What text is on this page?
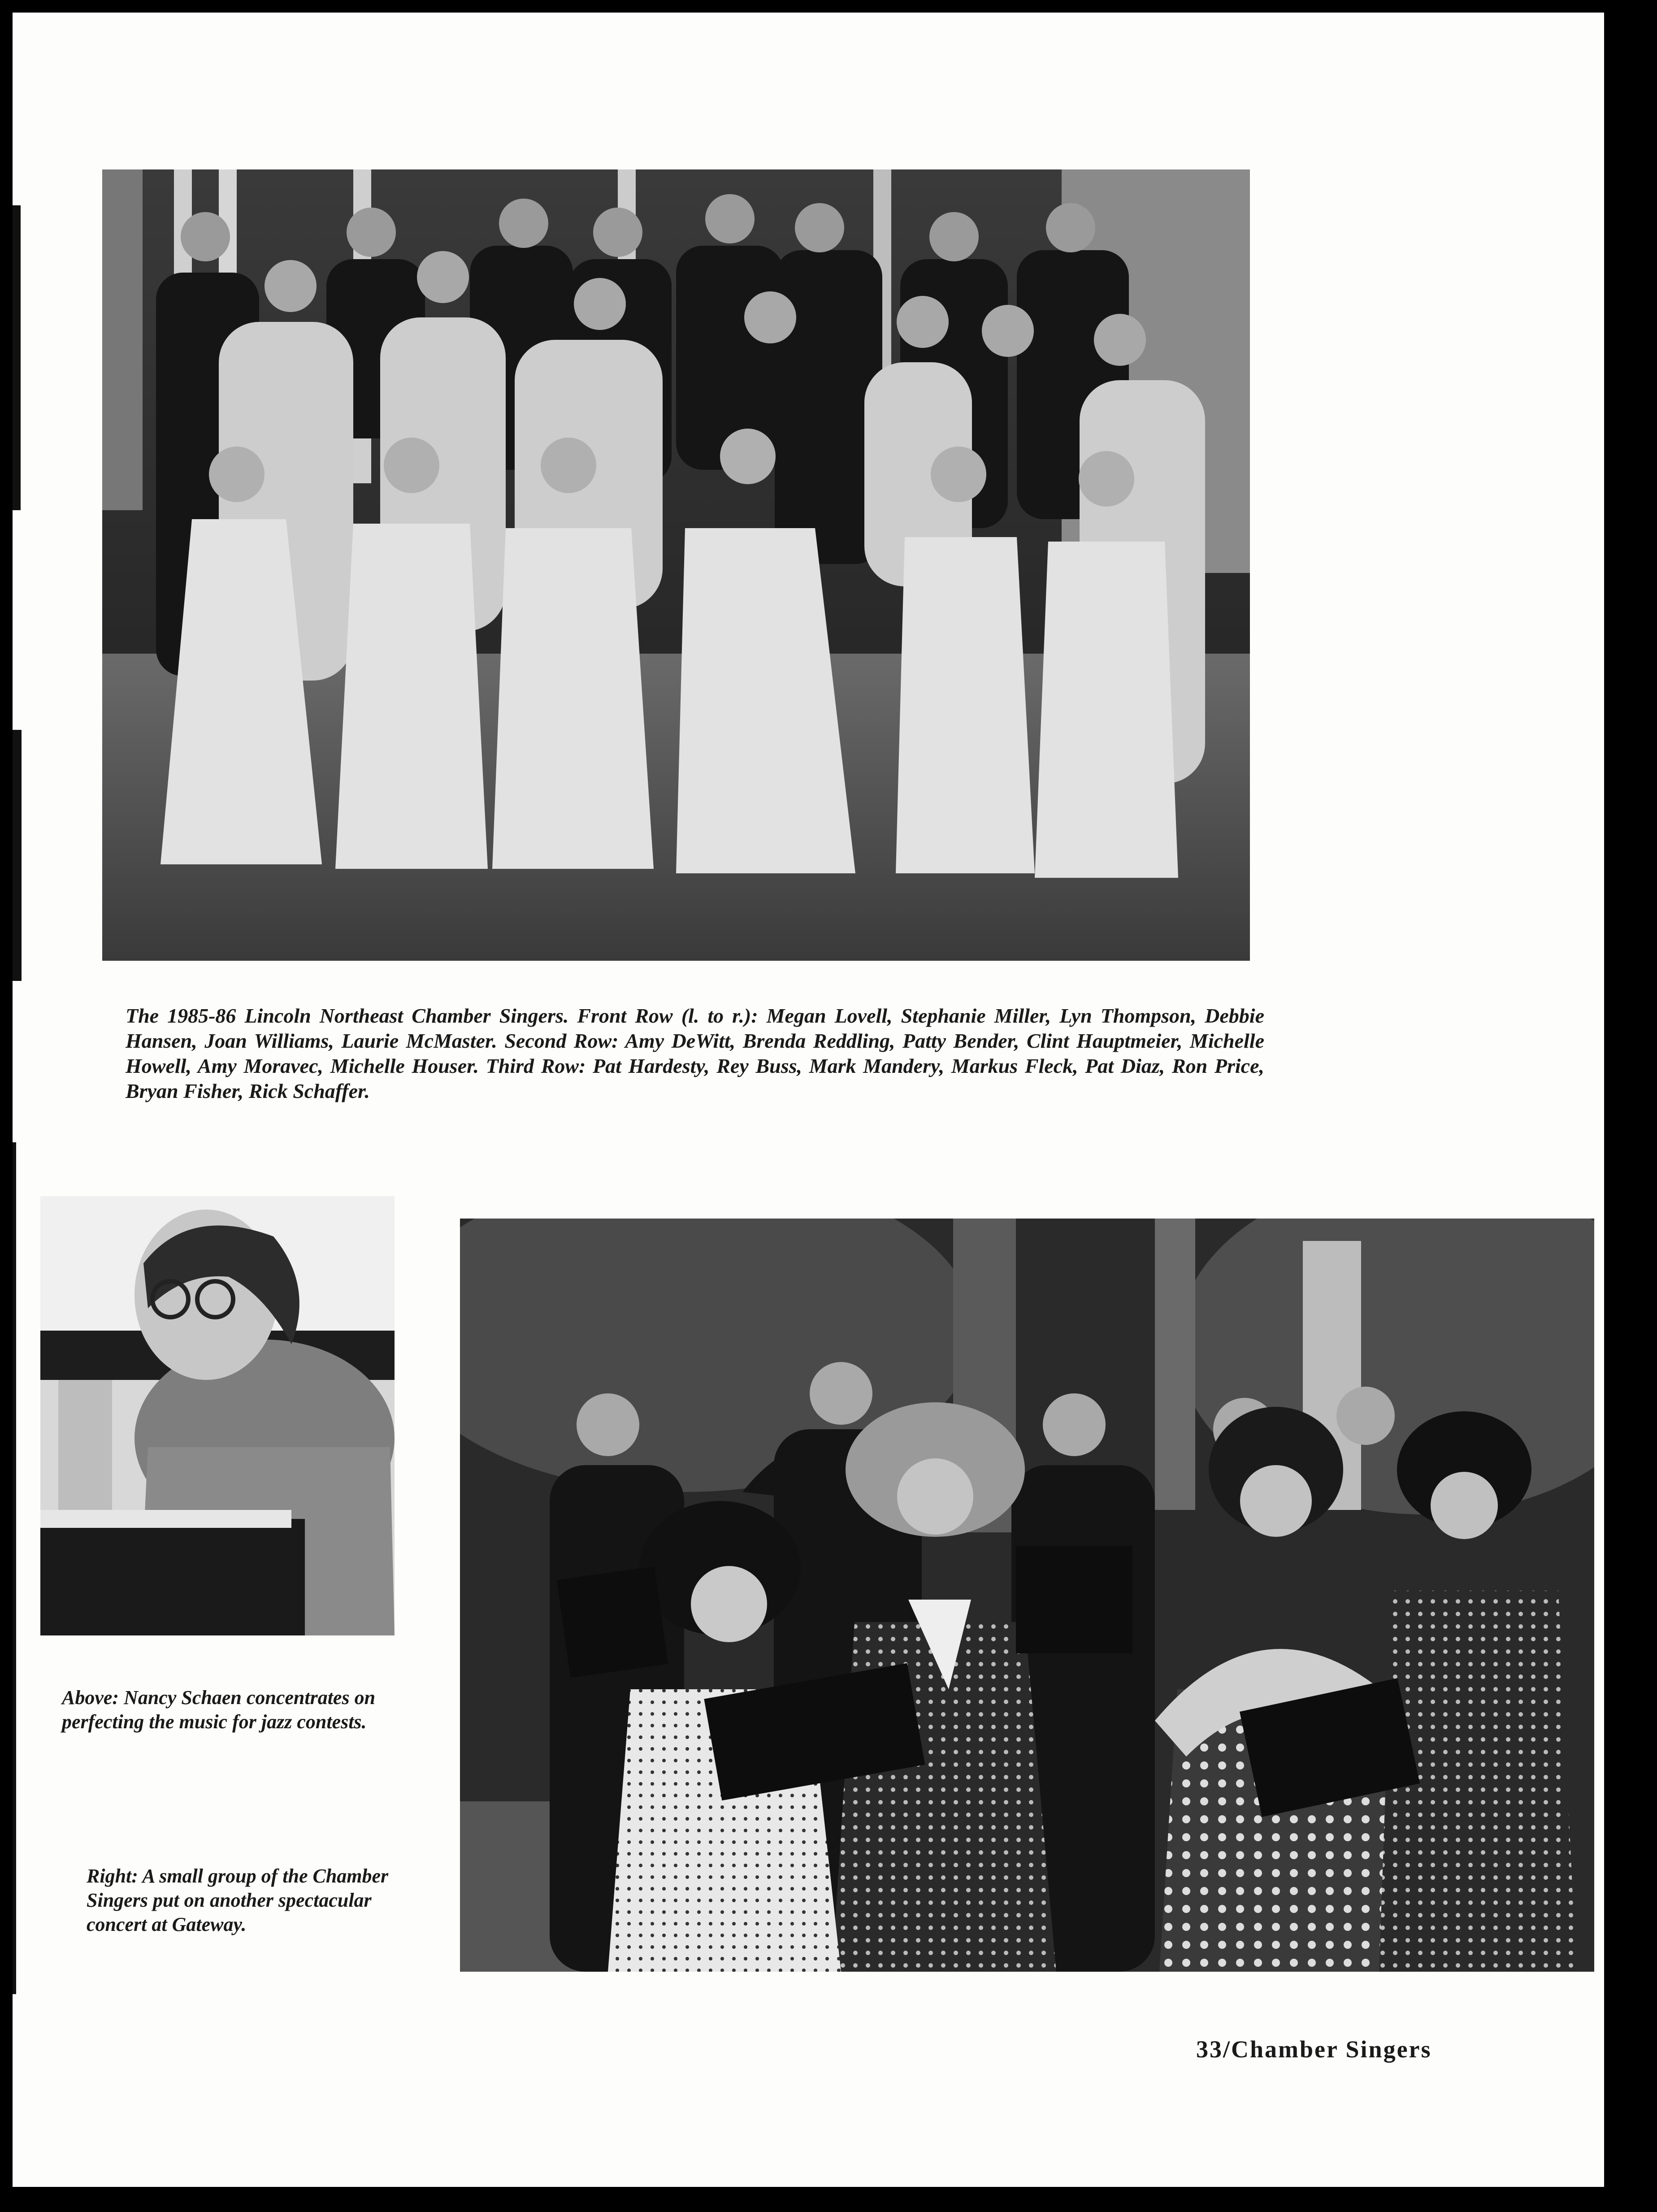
The 1985-86 Lincoln Northeast Chamber Singers. Front Row (l. to r.): Megan Lovell, Stephanie Miller, Lyn Thompson, Debbie Hansen, Joan Williams, Laurie McMaster. Second Row: Amy DeWitt, Brenda Reddling, Patty Bender, Clint Hauptmeier, Michelle Howell, Amy Moravec, Michelle Houser. Third Row: Pat Hardesty, Rey Buss, Mark Mandery, Markus Fleck, Pat Diaz, Ron Price, Bryan Fisher, Rick Schaffer.
Above: Nancy Schaen concentrates on perfecting the music for jazz contests.
Right: A small group of the Chamber Singers put on another spectacular concert at Gateway.
33/Chamber Singers
